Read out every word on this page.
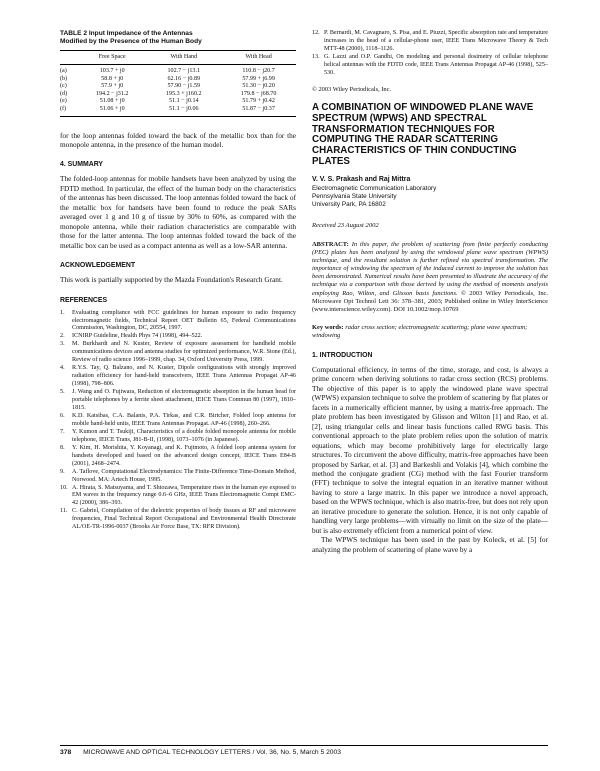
TABLE 2 Input Impedance of the Antennas
Modified by the Presence of the Human Body
	Free Space	With Hand	With Head
(a)	103.7 + j0	102.7 − j13.1	110.8 − j20.7
(b)	58.8 + j0	62.16 − j0.89	57.99 + j6.99
(c)	57.9 + j0	57.90 − j1.59	51.30 − j0.20
(d)	194.2 − j31.2	195.3 + j160.2	179.8 − j68.70
(e)	51.08 + j0	51.1 − j0.14	51.79 + j0.42
(f)	51.06 + j0	51.1 − j0.06	51.87 − j0.37

for the loop antennas folded toward the back of the metallic box than for the monopole antenna, in the presence of the human model.

4. SUMMARY

The folded-loop antennas for mobile handsets have been analyzed by using the FDTD method. In particular, the effect of the human body on the characteristics of the antennas has been discussed. The loop antennas folded toward the back of the metallic box for handsets have been found to reduce the peak SARs averaged over 1 g and 10 g of tissue by 30% to 60%, as compared with the monopole antenna, while their radiation characteristics are comparable with those for the latter antenna. The loop antennas folded toward the back of the metallic box can be used as a compact antenna as well as a low-SAR antenna.

ACKNOWLEDGEMENT

This work is partially supported by the Mazda Foundation's Research Grant.

REFERENCES
1.	Evaluating compliance with FCC guidelines for human exposure to radio frequency electromagnetic fields, Technical Report OET Bulletin 65, Federal Communications Commission, Washington, DC, 20554, 1997.
2.	ICNIRP Guideline, Health Phys 74 (1998), 494–522.
3.	M. Burkhardt and N. Kuster, Review of exposure assessment for handheld mobile communications devices and antenna studies for optimized performance, W.R. Stone (Ed.), Review of radio science 1996–1999, chap. 34, Oxford University Press, 1999.
4.	R.Y.S. Tay, Q. Balzano, and N. Kuster, Dipole configurations with strongly improved radiation efficiency for hand-held transceivers, IEEE Trans Antennas Propagat AP-46 (1998), 798–806.
5.	J. Wang and O. Fujiwara, Reduction of electromagnetic absorption in the human head for portable telephones by a ferrite sheet attachment, IEICE Trans Commun 80 (1997), 1810–1815.
6.	K.D. Katsibas, C.A. Balanis, P.A. Tirkas, and C.R. Birtcher, Folded loop antenna for mobile hand-held units, IEEE Trans Antennas Propagat. AP-46 (1998), 260–266.
7.	Y. Kumon and T. Tsukiji, Characteristics of a double folded monopole antenna for mobile telephone, IEICE Trans, J81-B-II, (1998), 1073–1076 (in Japanese).
8.	Y. Kim, H. Morishita, Y. Koyanagi, and K. Fujimoto, A folded loop antenna system for handsets developed and based on the advanced design concept, IEICE Trans E84-B (2001), 2468–2474.
9.	A. Taflove, Computational Electrodynamics: The Finite-Difference Time-Domain Method, Norwood. MA: Artech House, 1995.
10. A. Hirata, S. Matsuyama, and T. Shiozawa, Temperature rises in the human eye exposed to EM waves in the frequency range 0.6–6 GHz, IEEE Trans Electromagnetic Compt EMC-42 (2000), 386–393.
11. C. Gabriel, Compilation of the dielectric properties of body tissues at RF and microwave frequencies, Final Technical Report Occupational and Environmental Health Directorate AL/OE-TR-1996-0037 (Brooks Air Force Base, TX: RFR Division).
12. P. Bernardi, M. Cavagnaro, S. Pisa, and E. Piuzzi, Specific absorption rate and temperature increases in the head of a cellular-phone user, IEEE Trans Microwave Theory & Tech MTT-48 (2000), 1118–1126.
13. G. Lazzi and O.P. Gandhi, On modeling and personal dosimetry of cellular telephone helical antennas with the FDTD code, IEEE Trans Antennas Propagat AP-46 (1998), 525–530.
© 2003 Wiley Periodicals, Inc.
A COMBINATION OF WINDOWED PLANE WAVE SPECTRUM (WPWS) AND SPECTRAL TRANSFORMATION TECHNIQUES FOR COMPUTING THE RADAR SCATTERING CHARACTERISTICS OF THIN CONDUCTING PLATES
V. V. S. Prakash and Raj Mittra
Electromagnetic Communication Laboratory
Pennsylvania State University
University Park, PA 16802
Received 23 August 2002

ABSTRACT: In this paper, the problem of scattering from finite perfectly conducting (PEC) plates has been analyzed by using the windowed plane wave spectrum (WPWS) technique, and the resultant solution is further refined via spectral transformation. The importance of windowing the spectrum of the induced current to improve the solution has been demonstrated. Numerical results have been presented to illustrate the accuracy of the technique via a comparison with those derived by using the method of moments analysis employing Rao, Wilton, and Glisson basis functions. © 2003 Wiley Periodicals, Inc. Microwave Opt Technol Lett 36: 378–381, 2003; Published online in Wiley InterScience (www.interscience.wiley.com). DOI 10.1002/mop.10769

Key words: radar cross section; electromagnetic scattering; plane wave spectrum; windowing

1. INTRODUCTION

Computational efficiency, in terms of the time, storage, and cost, is always a prime concern when deriving solutions to radar cross section (RCS) problems. The objective of this paper is to apply the windowed plane wave spectral (WPWS) expansion technique to solve the problem of scattering by flat plates or facets in a numerically efficient manner, by using a matrix-free approach. The plate problem has been investigated by Glisson and Wilton [1] and Rao, et al. [2], using triangular cells and linear basis functions called RWG basis. This conventional approach to the plate problem relies upon the solution of matrix equations, which may become prohibitively large for electrically large structures. To circumvent the above difficulty, matrix-free approaches have been proposed by Sarkar, et al. [3] and Barkeshli and Volakis [4], which combine the method the conjugate gradient (CG) method with the fast Fourier transform (FFT) technique to solve the integral equation in an iterative manner without having to store a large matrix. In this paper we introduce a novel approach, based on the WPWS technique, which is also matrix-free, but does not rely upon an iterative procedure to generate the solution. Hence, it is not only capable of handling very large problems—with virtually no limit on the size of the plate—but is also extremely efficient from a numerical point of view.

The WPWS technique has been used in the past by Koleck, et al. [5] for analyzing the problem of scattering of plane wave by a

378 MICROWAVE AND OPTICAL TECHNOLOGY LETTERS / Vol. 36, No. 5, March 5 2003
